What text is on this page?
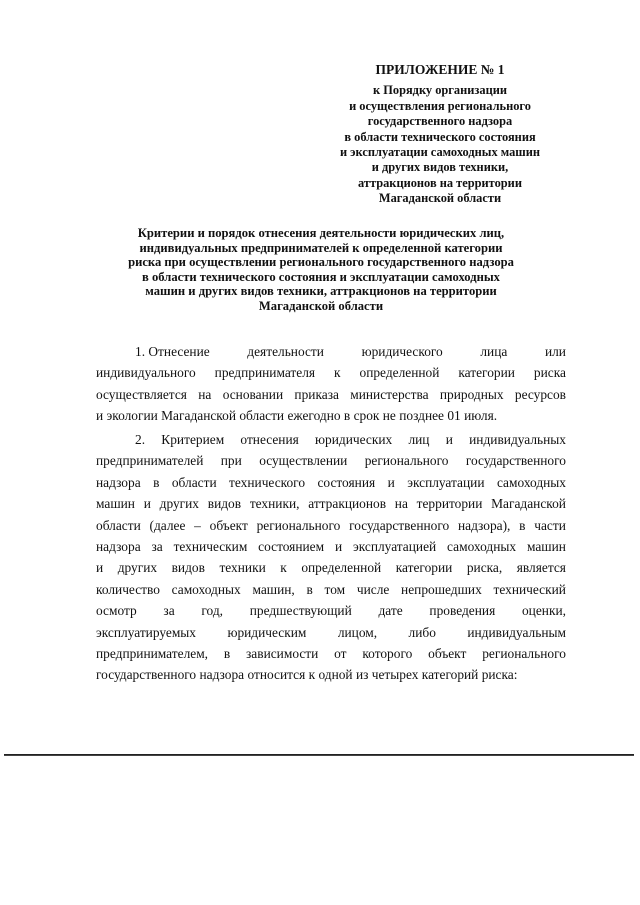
ПРИЛОЖЕНИЕ № 1
к Порядку организации
и осуществления регионального
государственного надзора
в области технического состояния
и эксплуатации самоходных машин
и других видов техники,
аттракционов на территории
Магаданской области
Критерии и порядок отнесения деятельности юридических лиц,
индивидуальных предпринимателей к определенной категории
риска при осуществлении регионального государственного надзора
в области технического состояния и эксплуатации самоходных
машин и других видов техники, аттракционов на территории
Магаданской области
1. Отнесение	деятельности	юридического	лица	или
индивидуального предпринимателя к определенной категории риска
осуществляется на основании приказа министерства природных ресурсов
и экологии Магаданской области ежегодно в срок не позднее 01 июля.
2. Критерием отнесения юридических лиц и индивидуальных
предпринимателей при осуществлении регионального государственного
надзора в области технического состояния и эксплуатации самоходных
машин и других видов техники, аттракционов на территории Магаданской
области (далее – объект регионального государственного надзора), в части
надзора за техническим состоянием и эксплуатацией самоходных машин
и других видов техники к определенной категории риска, является
количество самоходных машин, в том числе непрошедших технический
осмотр за год, предшествующий дате проведения оценки,
эксплуатируемых юридическим лицом, либо индивидуальным
предпринимателем, в зависимости от которого объект регионального
государственного надзора относится к одной из четырех категорий риска:
